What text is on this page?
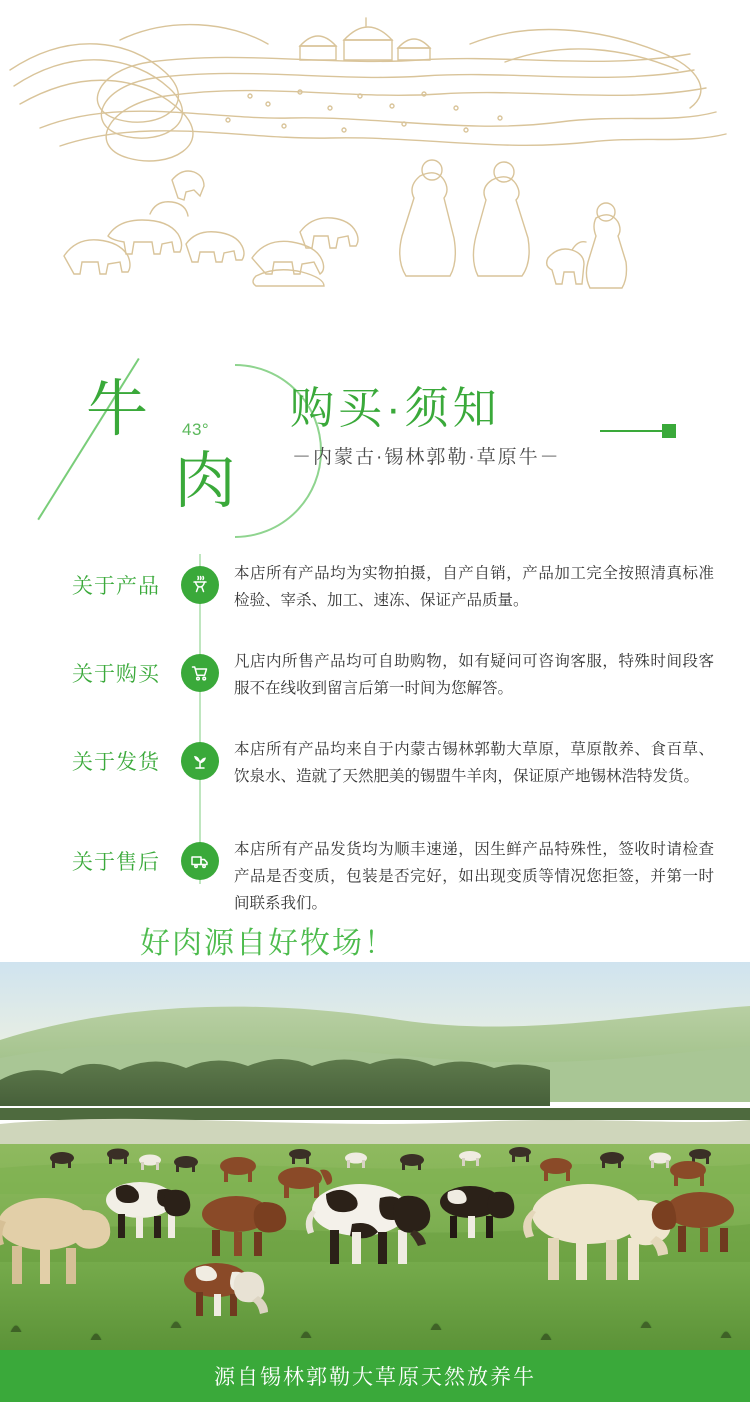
牛
肉
43° 购买·须知
－内蒙古·锡林郭勒·草原牛－
关于产品
本店所有产品均为实物拍摄，自产自销，产品加工完全按照清真标准检验、宰杀、加工、速冻、保证产品质量。
关于购买
凡店内所售产品均可自助购物，如有疑问可咨询客服，特殊时间段客服不在线收到留言后第一时间为您解答。
关于发货
本店所有产品均来自于内蒙古锡林郭勒大草原，草原散养、食百草、饮泉水、造就了天然肥美的锡盟牛羊肉，保证原产地锡林浩特发货。
关于售后
本店所有产品发货均为顺丰速递，因生鲜产品特殊性，签收时请检查产品是否变质，包装是否完好，如出现变质等情况您拒签，并第一时间联系我们。
好肉源自好牧场！
源自锡林郭勒大草原天然放养牛
